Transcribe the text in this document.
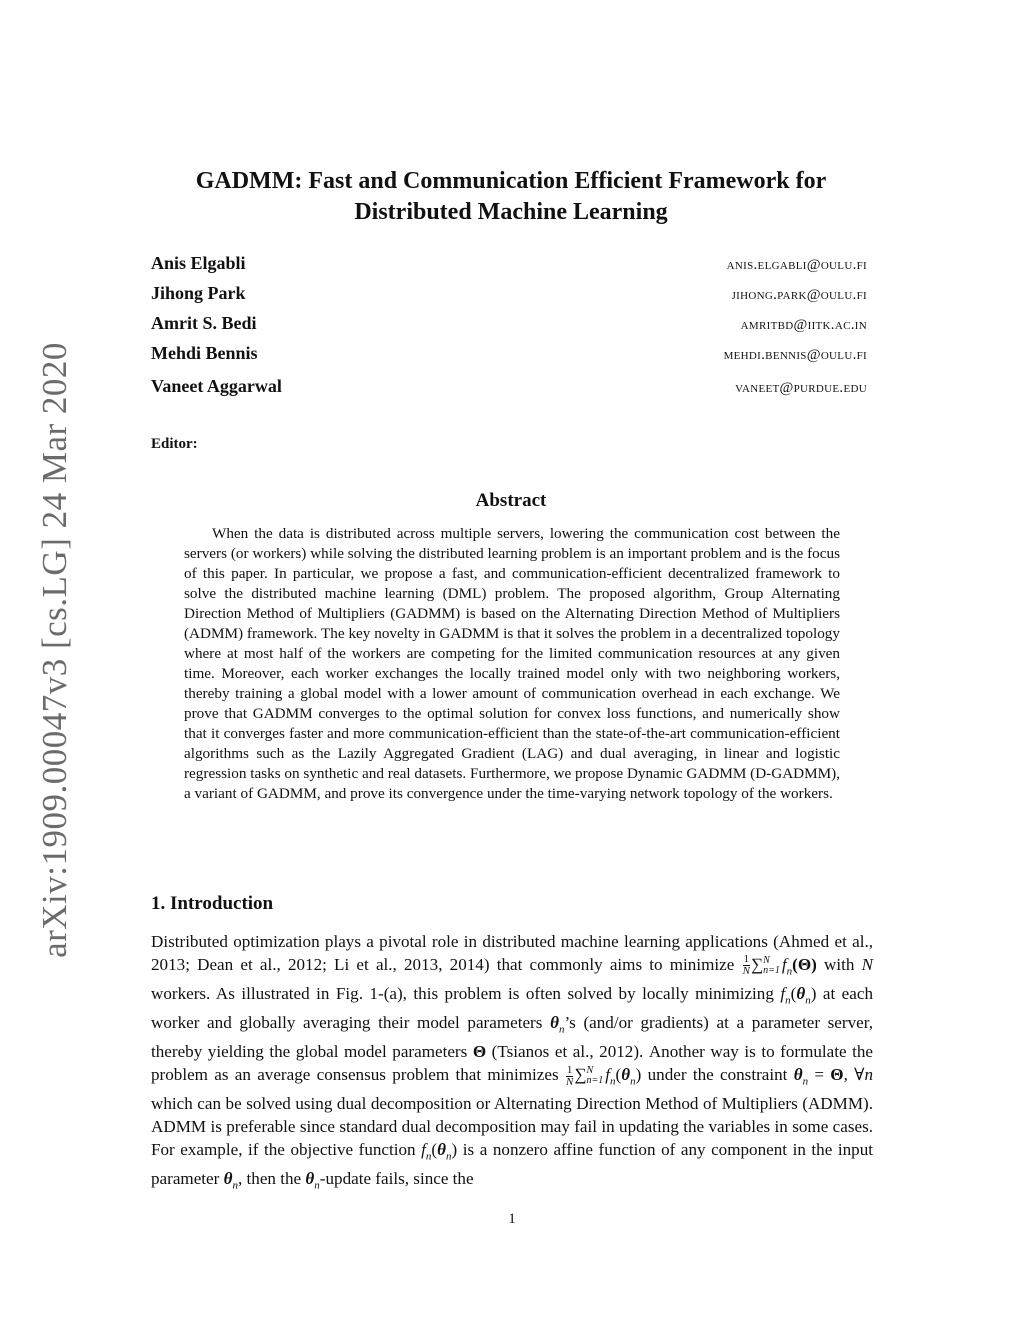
arXiv:1909.00047v3 [cs.LG] 24 Mar 2020
GADMM: Fast and Communication Efficient Framework for
Distributed Machine Learning
Anis Elgabli	anis.elgabli@oulu.fi
Jihong Park	jihong.park@oulu.fi
Amrit S. Bedi	amritbd@iitk.ac.in
Mehdi Bennis	mehdi.bennis@oulu.fi
Vaneet Aggarwal	vaneet@purdue.edu
Editor:
Abstract

When the data is distributed across multiple servers, lowering the communication cost between the servers (or workers) while solving the distributed learning problem is an important problem and is the focus of this paper. In particular, we propose a fast, and communication-efficient decentralized framework to solve the distributed machine learning (DML) problem. The proposed algorithm, Group Alternating Direction Method of Multipliers (GADMM) is based on the Alternating Direction Method of Multipliers (ADMM) framework. The key novelty in GADMM is that it solves the problem in a decentralized topology where at most half of the workers are competing for the limited communication resources at any given time. Moreover, each worker exchanges the locally trained model only with two neighboring workers, thereby training a global model with a lower amount of communication overhead in each exchange. We prove that GADMM converges to the optimal solution for convex loss functions, and numerically show that it converges faster and more communication-efficient than the state-of-the-art communication-efficient algorithms such as the Lazily Aggregated Gradient (LAG) and dual averaging, in linear and logistic regression tasks on synthetic and real datasets. Furthermore, we propose Dynamic GADMM (D-GADMM), a variant of GADMM, and prove its convergence under the time-varying network topology of the workers.

1. Introduction

Distributed optimization plays a pivotal role in distributed machine learning applications (Ahmed et al., 2013; Dean et al., 2012; Li et al., 2013, 2014) that commonly aims to minimize $\frac{1}{N}$ ∑ N
n=1 $f_n(\Theta)$ with N workers. As illustrated in Fig. 1-(a), this problem is often solved by locally minimizing $f_n(\theta_n)$ at each worker and globally averaging their model parameters $\theta_n’s$ (and/or gradients) at a parameter server, thereby yielding the global model parameters Θ (Tsianos et al., 2012). Another way is to formulate the problem as an average consensus problem that minimizes $\frac{1}{N}$ ∑ N
n=1 $f_n(\theta_n)$ under the constraint $\theta_n = \Theta$, ∀n which can be solved using dual decomposition or Alternating Direction Method of Multipliers (ADMM). ADMM is preferable since standard dual decomposition may fail in updating the variables in some cases. For example, if the objective function $f_n(\theta_n)$ is a nonzero affine function of any component in the input parameter $\theta_n$, then the $\theta_n$-update fails, since the

1
